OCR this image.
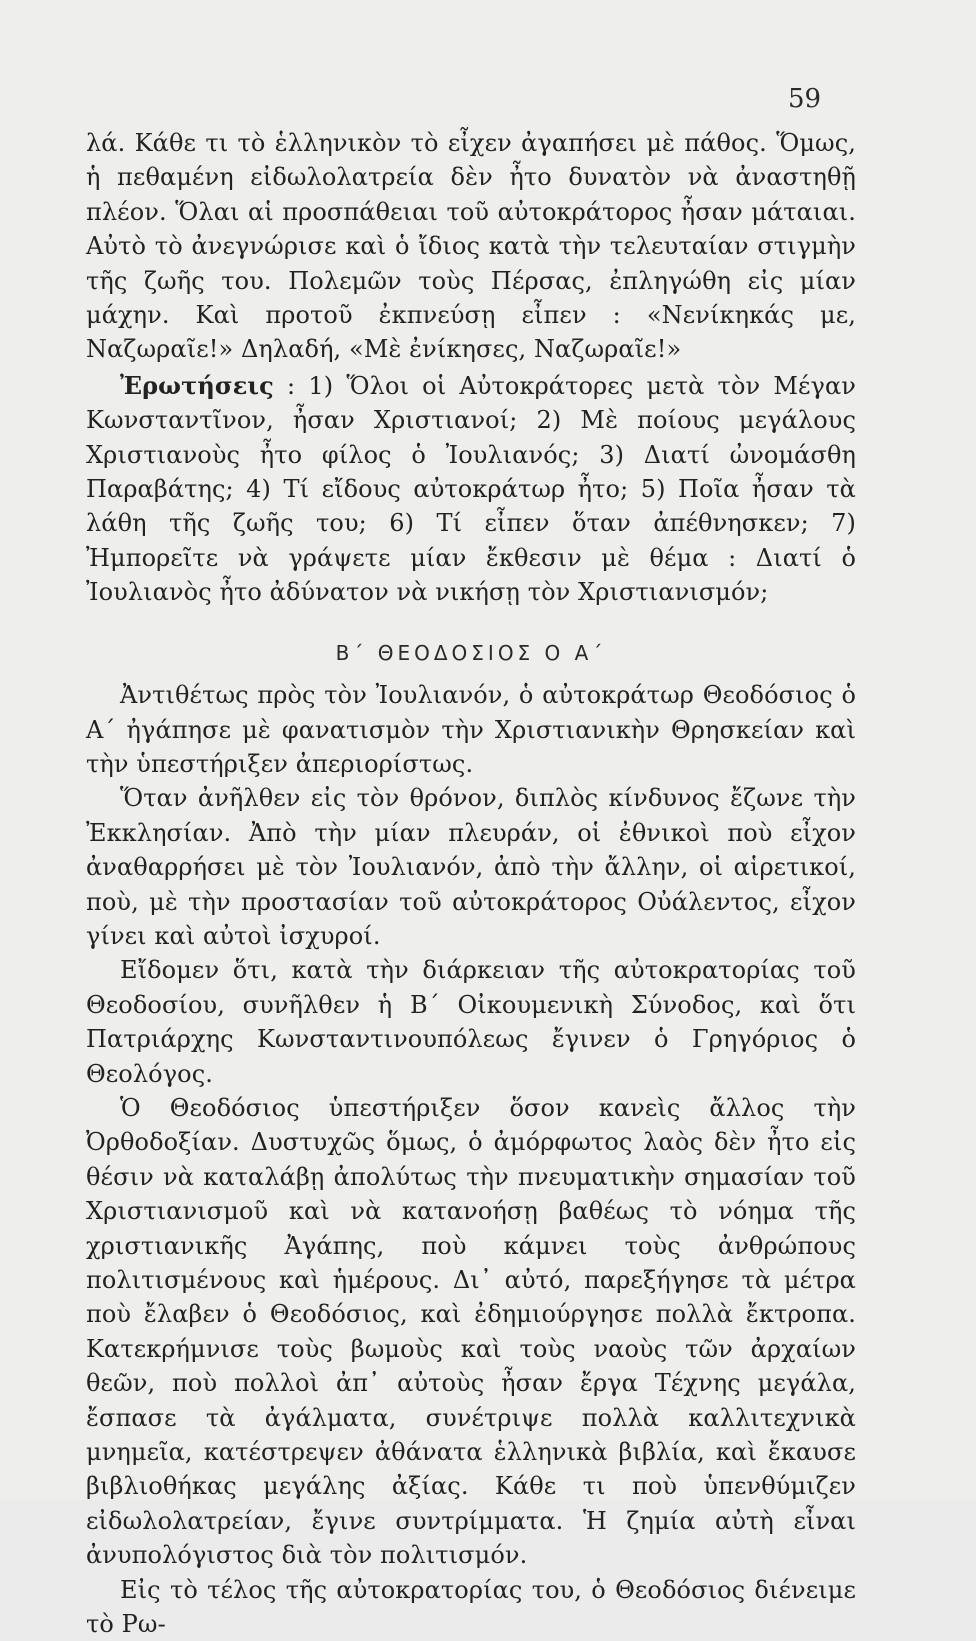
59

λά. Κάθε τι τὸ ἑλληνικὸν τὸ εἶχεν ἀγαπήσει μὲ πάθος. Ὅμως, ἡ πεθαμένη εἰδωλολατρεία δὲν ἦτο δυνατὸν νὰ ἀναστηθῇ πλέον. Ὅλαι αἱ προσπάθειαι τοῦ αὐτοκράτορος ἦσαν μάταιαι. Αὐτὸ τὸ ἀνεγνώρισε καὶ ὁ ἴδιος κατὰ τὴν τελευταίαν στιγμὴν τῆς ζωῆς του. Πολεμῶν τοὺς Πέρσας, ἐπληγώθη εἰς μίαν μάχην. Καὶ προτοῦ ἐκπνεύσῃ εἶπεν : «Νενίκηκάς με, Ναζωραῖε!» Δηλαδή, «Μὲ ἐνίκησες, Ναζωραῖε!»

Ἐρωτήσεις : 1) Ὅλοι οἱ Αὐτοκράτορες μετὰ τὸν Μέγαν Κωνσταντῖνον, ἦσαν Χριστιανοί; 2) Μὲ ποίους μεγάλους Χριστιανοὺς ἦτο φίλος ὁ Ἰουλιανός; 3) Διατί ὠνομάσθη Παραβάτης; 4) Τί εἴδους αὐτοκράτωρ ἦτο; 5) Ποῖα ἦσαν τὰ λάθη τῆς ζωῆς του; 6) Τί εἶπεν ὅταν ἀπέθνησκεν; 7) Ἠμπορεῖτε νὰ γράψετε μίαν ἔκθεσιν μὲ θέμα : Διατί ὁ Ἰουλιανὸς ἦτο ἀδύνατον νὰ νικήσῃ τὸν Χριστιανισμόν;

Β΄ ΘΕΟΔΟΣΙΟΣ Ο Α΄

Ἀντιθέτως πρὸς τὸν Ἰουλιανόν, ὁ αὐτοκράτωρ Θεοδόσιος ὁ Α΄ ἠγάπησε μὲ φανατισμὸν τὴν Χριστιανικὴν Θρησκείαν καὶ τὴν ὑπεστήριξεν ἀπεριορίστως.

Ὅταν ἀνῆλθεν εἰς τὸν θρόνον, διπλὸς κίνδυνος ἔζωνε τὴν Ἐκκλησίαν. Ἀπὸ τὴν μίαν πλευράν, οἱ ἐθνικοὶ ποὺ εἶχον ἀναθαρρήσει μὲ τὸν Ἰουλιανόν, ἀπὸ τὴν ἄλλην, οἱ αἱρετικοί, ποὺ, μὲ τὴν προστασίαν τοῦ αὐτοκράτορος Οὐάλεντος, εἶχον γίνει καὶ αὐτοὶ ἰσχυροί.

Εἴδομεν ὅτι, κατὰ τὴν διάρκειαν τῆς αὐτοκρατορίας τοῦ Θεοδοσίου, συνῆλθεν ἡ Β΄ Οἰκουμενικὴ Σύνοδος, καὶ ὅτι Πατριάρχης Κωνσταντινουπόλεως ἔγινεν ὁ Γρηγόριος ὁ Θεολόγος.

Ὁ Θεοδόσιος ὑπεστήριξεν ὅσον κανεὶς ἄλλος τὴν Ὀρθοδοξίαν. Δυστυχῶς ὅμως, ὁ ἀμόρφωτος λαὸς δὲν ἦτο εἰς θέσιν νὰ καταλάβῃ ἀπολύτως τὴν πνευματικὴν σημασίαν τοῦ Χριστιανισμοῦ καὶ νὰ κατανοήσῃ βαθέως τὸ νόημα τῆς χριστιανικῆς Ἀγάπης, ποὺ κάμνει τοὺς ἀνθρώπους πολιτισμένους καὶ ἡμέρους. Δι᾽ αὐτό, παρεξήγησε τὰ μέτρα ποὺ ἔλαβεν ὁ Θεοδόσιος, καὶ ἐδημιούργησε πολλὰ ἔκτροπα. Κατεκρήμνισε τοὺς βωμοὺς καὶ τοὺς ναοὺς τῶν ἀρχαίων θεῶν, ποὺ πολλοὶ ἀπ᾽ αὐτοὺς ἦσαν ἔργα Τέχνης μεγάλα, ἔσπασε τὰ ἀγάλματα, συνέτριψε πολλὰ καλλιτεχνικὰ μνημεῖα, κατέστρεψεν ἀθάνατα ἑλληνικὰ βιβλία, καὶ ἔκαυσε βιβλιοθήκας μεγάλης ἀξίας. Κάθε τι ποὺ ὑπενθύμιζεν εἰδωλολατρείαν, ἔγινε συντρίμματα. Ἡ ζημία αὐτὴ εἶναι ἀνυπολόγιστος διὰ τὸν πολιτισμόν.

Εἰς τὸ τέλος τῆς αὐτοκρατορίας του, ὁ Θεοδόσιος διένειμε τὸ Ρω-
